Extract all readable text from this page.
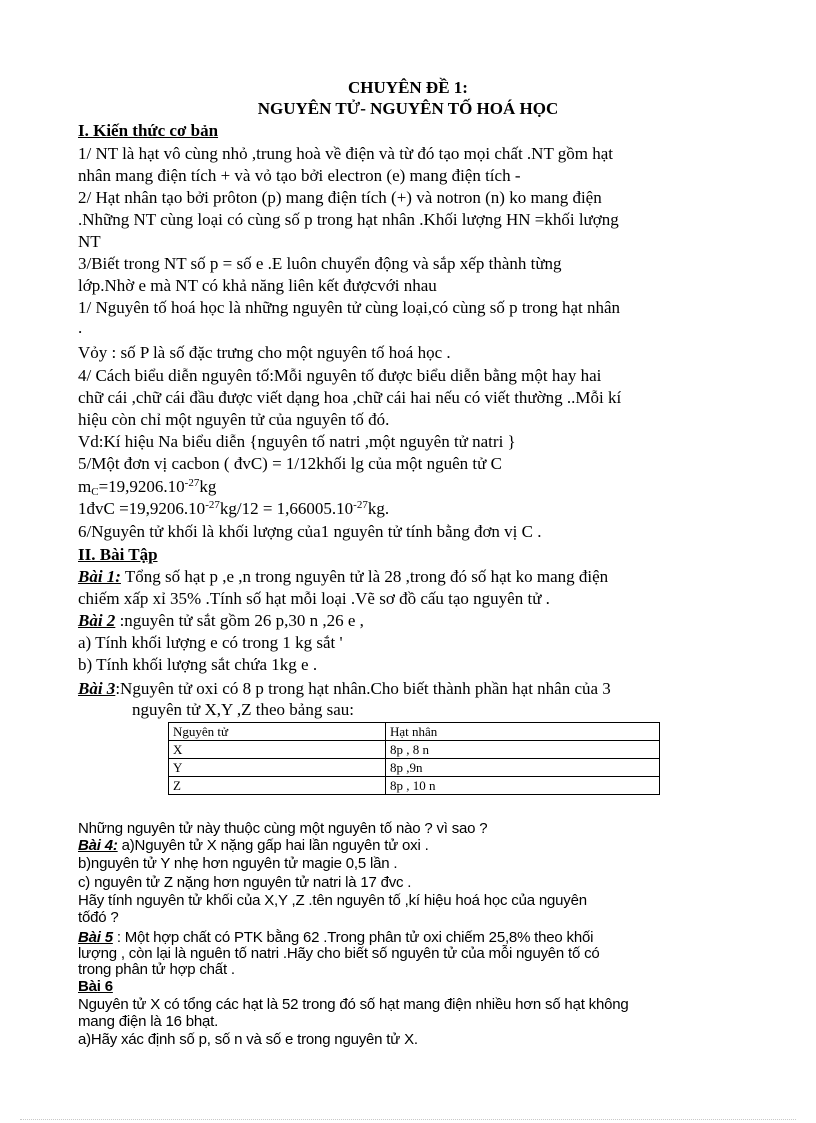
CHUYÊN ĐỀ 1:
NGUYÊN TỬ- NGUYÊN TỐ HOÁ HỌC
I. Kiến thức cơ bản
1/ NT là hạt vô cùng nhỏ ,trung hoà về điện và từ đó tạo mọi chất .NT gồm hạt
nhân mang điện tích + và vỏ tạo bởi electron (e) mang điện tích -
2/ Hạt nhân tạo bởi prôton (p) mang điện tích (+) và notron (n) ko mang điện
.Những NT cùng loại có cùng số p trong hạt nhân .Khối lượng HN =khối lượng
NT
3/Biết trong NT số p = số e .E luôn chuyển động và sắp xếp thành từng
lớp.Nhờ e mà NT có khả năng liên kết đượcvới nhau
1/ Nguyên tố hoá học là những nguyên tử cùng loại,có cùng số p trong hạt nhân
.
Vỏy : số P là số đặc trưng cho một nguyên tố hoá học .
4/ Cách biểu diễn nguyên tố:Mỗi nguyên tố được biểu diễn bằng một hay hai
chữ cái ,chữ cái đầu được viết dạng hoa ,chữ cái hai nếu có viết thường ..Mỗi kí
hiệu còn chỉ một nguyên tử của nguyên tố đó.
Vd:Kí hiệu Na biểu diễn {nguyên tố natri ,một nguyên tử natri }
5/Một đơn vị cacbon ( đvC) = 1/12khối lg của một nguên tử C
$m_C=19,9206.10^{-27}kg$
1đvC $=19,9206.10^{-27}kg/12 = 1,66005.10^{-27}kg$.
6/Nguyên tử khối là khối lượng của1 nguyên tử tính bằng đơn vị C .
II. Bài Tập
Bài 1: Tổng số hạt p ,e ,n trong nguyên tử là 28 ,trong đó số hạt ko mang điện
chiếm xấp xỉ 35% .Tính số hạt mỗi loại .Vẽ sơ đồ cấu tạo nguyên tử .
Bài 2 :nguyên tử sắt gồm 26 p,30 n ,26 e ,
a) Tính khối lượng e có trong 1 kg sắt '
b) Tính khối lượng sắt chứa 1kg e .
Bài 3:Nguyên tử oxi có 8 p trong hạt nhân.Cho biết thành phần hạt nhân của 3
nguyên tử X,Y ,Z theo bảng sau:
Nguyên tử	Hạt nhân
X	8p , 8 n
Y	8p ,9n
Z	8p , 10 n
Những nguyên tử này thuộc cùng một nguyên tố nào ? vì sao ?
Bài 4: a)Nguyên tử X nặng gấp hai lần nguyên tử oxi .
b)nguyên tử Y nhẹ hơn nguyên tử magie 0,5 lần .
c) nguyên tử Z nặng hơn nguyên tử natri là 17 đvc .
Hãy tính nguyên tử khối của X,Y ,Z .tên nguyên tố ,kí hiệu hoá học của nguyên
tốđó ?
Bài 5 : Một hợp chất có PTK bằng 62 .Trong phân tử oxi chiếm 25,8% theo khối
lượng , còn lại là nguên tố natri .Hãy cho biết số nguyên tử của mỗi nguyên tố có
trong phân tử hợp chất .
Bài 6
Nguyên tử X có tổng các hạt là 52 trong đó số hạt mang điện nhiều hơn số hạt không
mang điện là 16 bhạt.
a)Hãy xác định số p, số n và số e trong nguyên tử X.
